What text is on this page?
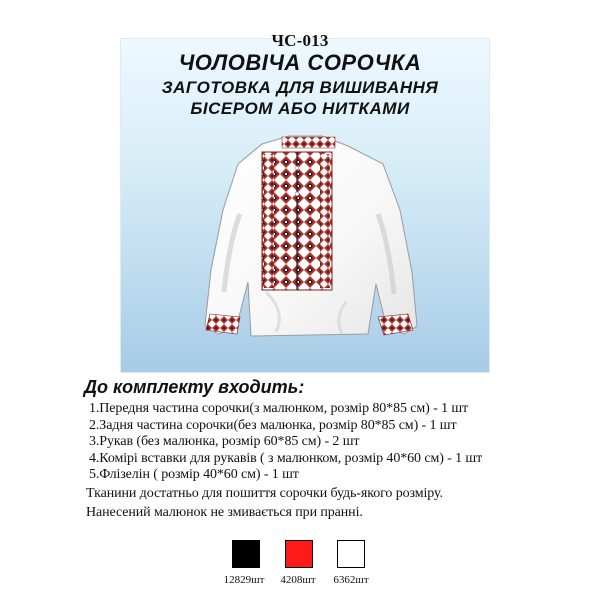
ЧС-013
ЧОЛОВІЧА СОРОЧКА
ЗАГОТОВКА ДЛЯ ВИШИВАННЯ
БІСЕРОМ АБО НИТКАМИ
До комплекту входить:
1.Передня частина сорочки(з малюнком, розмір 80*85 см) - 1 шт
2.Задня частина сорочки(без малюнка, розмір 80*85 см) - 1 шт
3.Рукав (без малюнка, розмір 60*85 см) - 2 шт
4.Комірі вставки для рукавів ( з малюнком, розмір 40*60 см) - 1 шт
5.Флізелін ( розмір 40*60 см) - 1 шт
Тканини достатньо для пошиття сорочки будь-якого розміру.
Нанесений малюнок не змивається при пранні.
12829шт	4208шт	6362шт
